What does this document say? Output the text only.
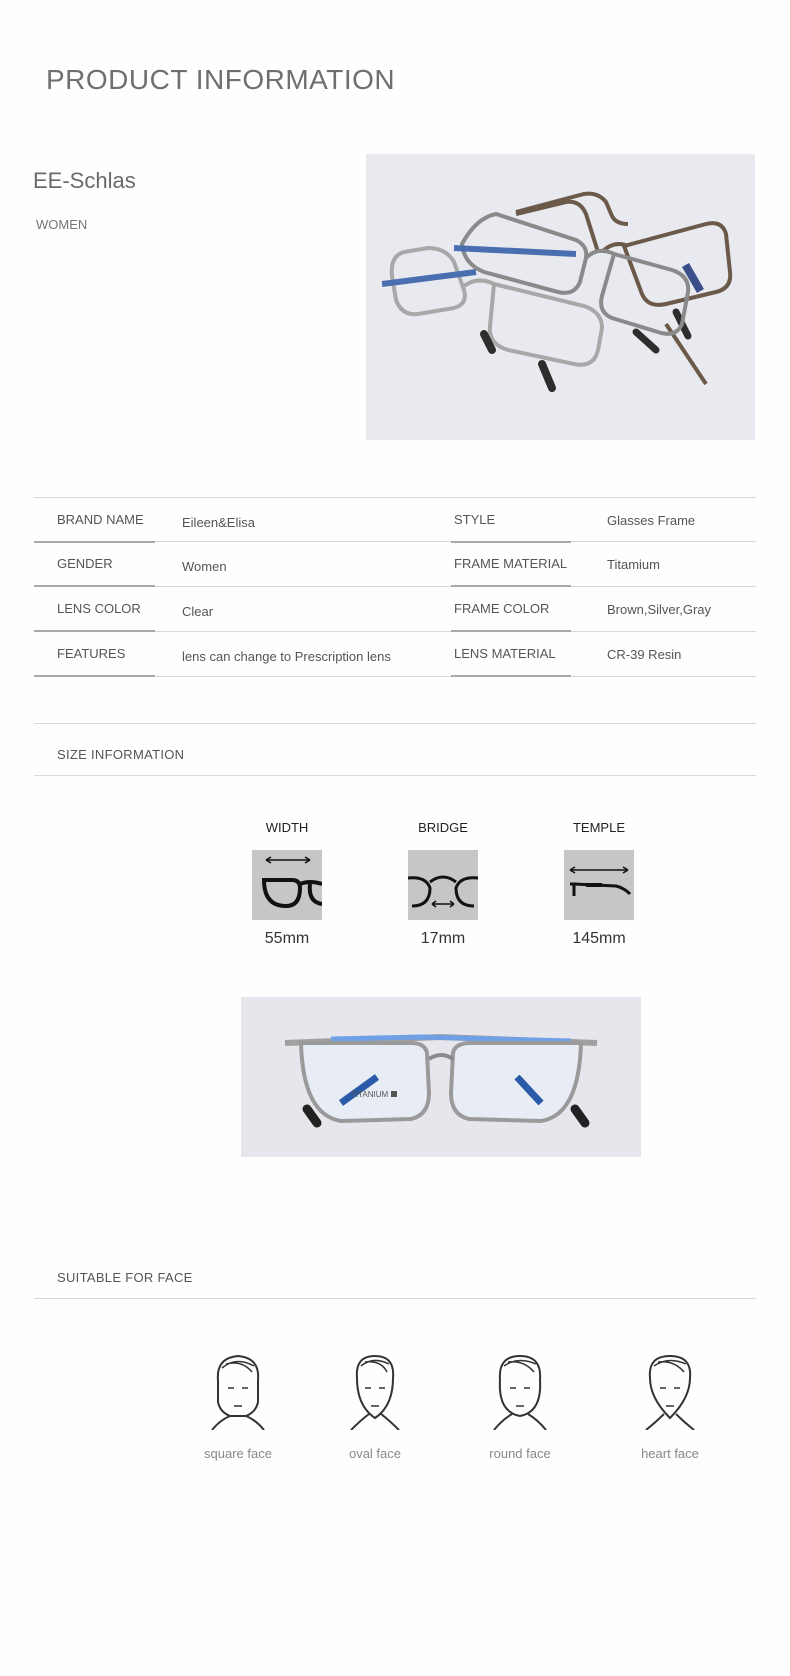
PRODUCT INFORMATION
EE-Schlas
WOMEN
BRAND NAME	Eileen&Elisa	STYLE	Glasses Frame
GENDER	Women	FRAME MATERIAL	Titamium
LENS COLOR	Clear	FRAME COLOR	Brown,Silver,Gray
FEATURES	lens can change to Prescription lens	LENS MATERIAL	CR-39 Resin
SIZE INFORMATION
WIDTH
55mm
BRIDGE
17mm
TEMPLE
145mm
TITANIUM
SUITABLE FOR FACE
square face	oval face	round face	heart face
